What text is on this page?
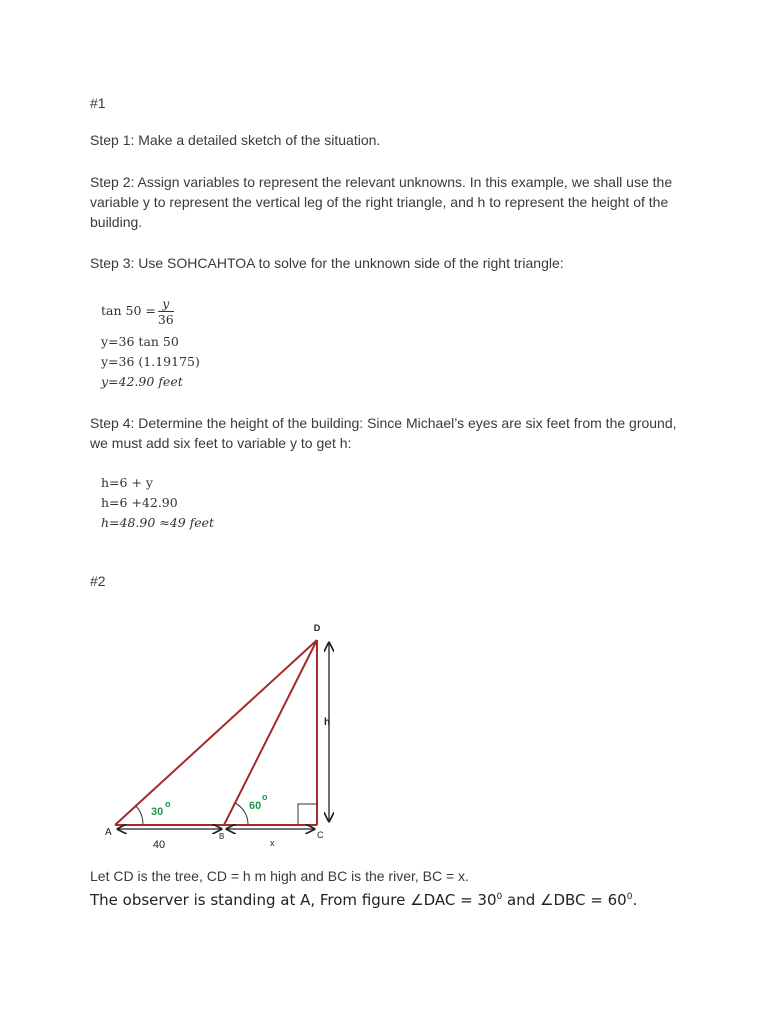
#1

Step 1: Make a detailed sketch of the situation.

Step 2: Assign variables to represent the relevant unknowns. In this example, we shall use the variable y to represent the vertical leg of the right triangle, and h to represent the height of the building.

Step 3: Use SOHCAHTOA to solve for the unknown side of the right triangle:

$\tan 50 = \frac{y}{36}$
y=36 tan 50
y=36 (1.19175)
y=42.90 feet

Step 4: Determine the height of the building: Since Michael’s eyes are six feet from the ground, we must add six feet to variable y to get h:

h=6 + y
h=6 +42.90
h=48.90 ≈49 feet

#2

D
A	B	C
h
x
40
30
o	60
o

Let CD is the tree, CD = h m high and BC is the river, BC = x.

The observer is standing at A, From figure ∠DAC = $30^0$ and ∠DBC = $60^0$.
